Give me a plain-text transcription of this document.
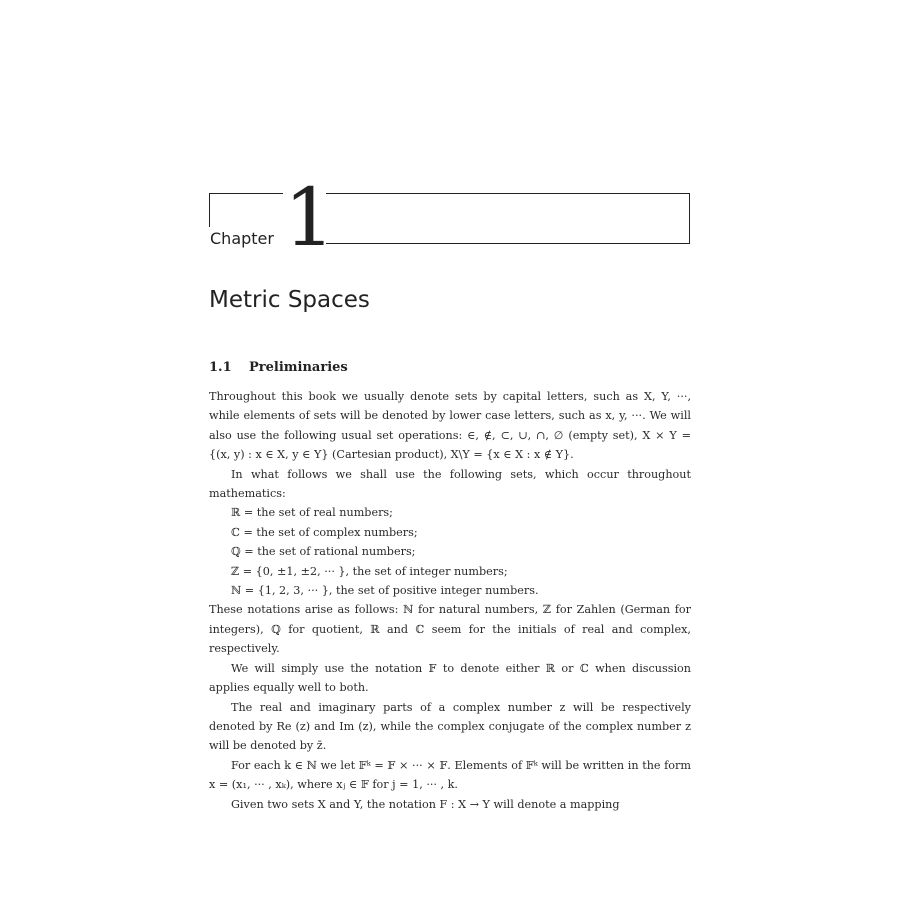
Chapter 1
Metric Spaces
1.1 Preliminaries

Throughout this book we usually denote sets by capital letters, such as X, Y, ···, while elements of sets will be denoted by lower case letters, such as x, y, ···. We will also use the following usual set operations: ∈, ∉, ⊂, ∪, ∩, ∅ (empty set), X × Y = {(x, y) : x ∈ X, y ∈ Y} (Cartesian product), X\Y = {x ∈ X : x ∉ Y}.

In what follows we shall use the following sets, which occur throughout mathematics:

ℝ = the set of real numbers;

ℂ = the set of complex numbers;

ℚ = the set of rational numbers;

ℤ = {0, ±1, ±2, ··· }, the set of integer numbers;

ℕ = {1, 2, 3, ··· }, the set of positive integer numbers.

These notations arise as follows: ℕ for natural numbers, ℤ for Zahlen (German for integers), ℚ for quotient, ℝ and ℂ seem for the initials of real and complex, respectively.

We will simply use the notation 𝔽 to denote either ℝ or ℂ when discussion applies equally well to both.

The real and imaginary parts of a complex number z will be respectively denoted by Re (z) and Im (z), while the complex conjugate of the complex number z will be denoted by z̄.

For each k ∈ ℕ we let 𝔽ᵏ = 𝔽 × ··· × 𝔽. Elements of 𝔽ᵏ will be written in the form x = (x₁, ··· , xₖ), where xⱼ ∈ 𝔽 for j = 1, ··· , k.

Given two sets X and Y, the notation F : X → Y will denote a mapping
